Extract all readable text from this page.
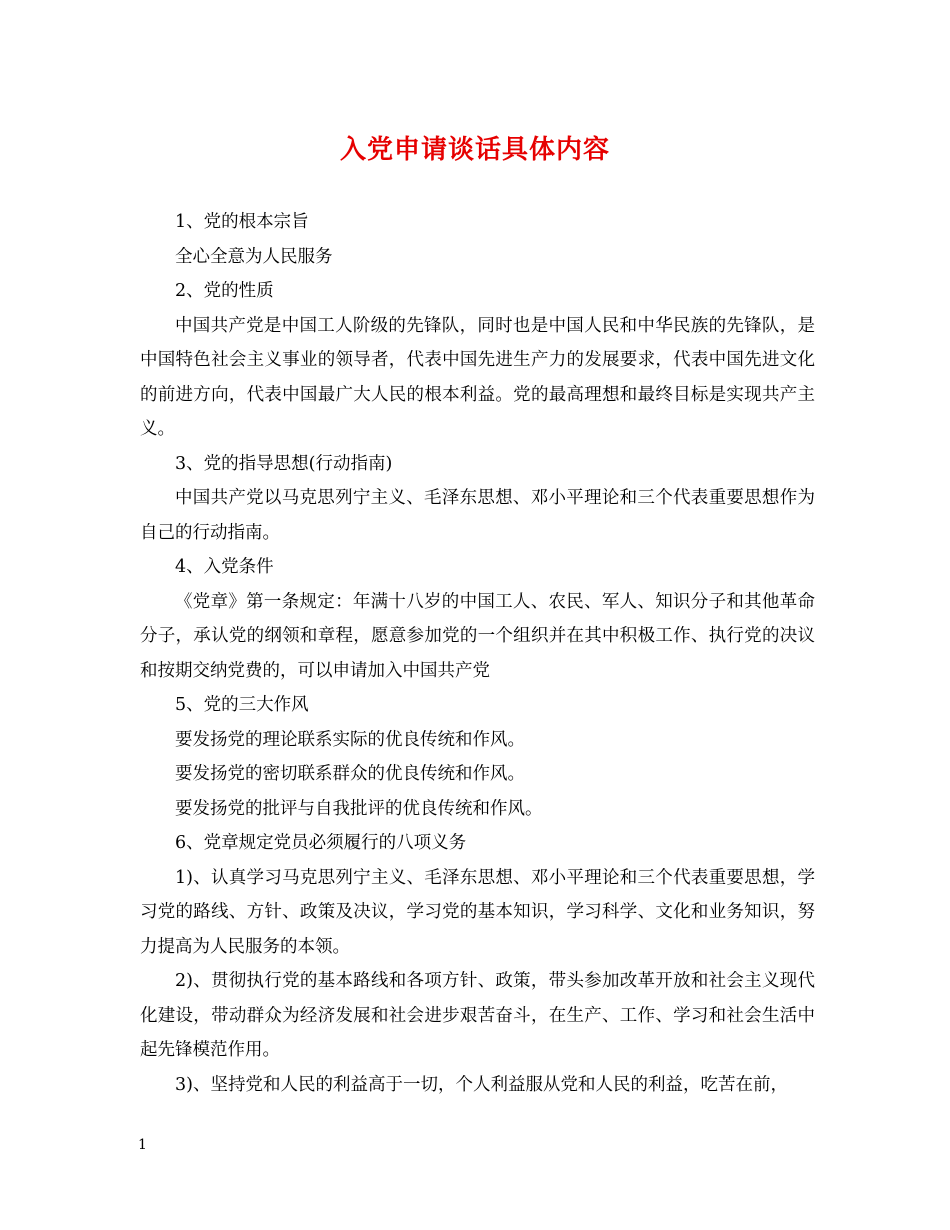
入党申请谈话具体内容

1、党的根本宗旨

全心全意为人民服务

2、党的性质

中国共产党是中国工人阶级的先锋队，同时也是中国人民和中华民族的先锋队，是中国特色社会主义事业的领导者，代表中国先进生产力的发展要求，代表中国先进文化的前进方向，代表中国最广大人民的根本利益。党的最高理想和最终目标是实现共产主义。

3、党的指导思想(行动指南)

中国共产党以马克思列宁主义、毛泽东思想、邓小平理论和三个代表重要思想作为自己的行动指南。

4、入党条件

《党章》第一条规定：年满十八岁的中国工人、农民、军人、知识分子和其他革命分子，承认党的纲领和章程，愿意参加党的一个组织并在其中积极工作、执行党的决议和按期交纳党费的，可以申请加入中国共产党

5、党的三大作风

要发扬党的理论联系实际的优良传统和作风。

要发扬党的密切联系群众的优良传统和作风。

要发扬党的批评与自我批评的优良传统和作风。

6、党章规定党员必须履行的八项义务

1)、认真学习马克思列宁主义、毛泽东思想、邓小平理论和三个代表重要思想，学习党的路线、方针、政策及决议，学习党的基本知识，学习科学、文化和业务知识，努力提高为人民服务的本领。

2)、贯彻执行党的基本路线和各项方针、政策，带头参加改革开放和社会主义现代化建设，带动群众为经济发展和社会进步艰苦奋斗，在生产、工作、学习和社会生活中起先锋模范作用。

3)、坚持党和人民的利益高于一切，个人利益服从党和人民的利益，吃苦在前，

1
